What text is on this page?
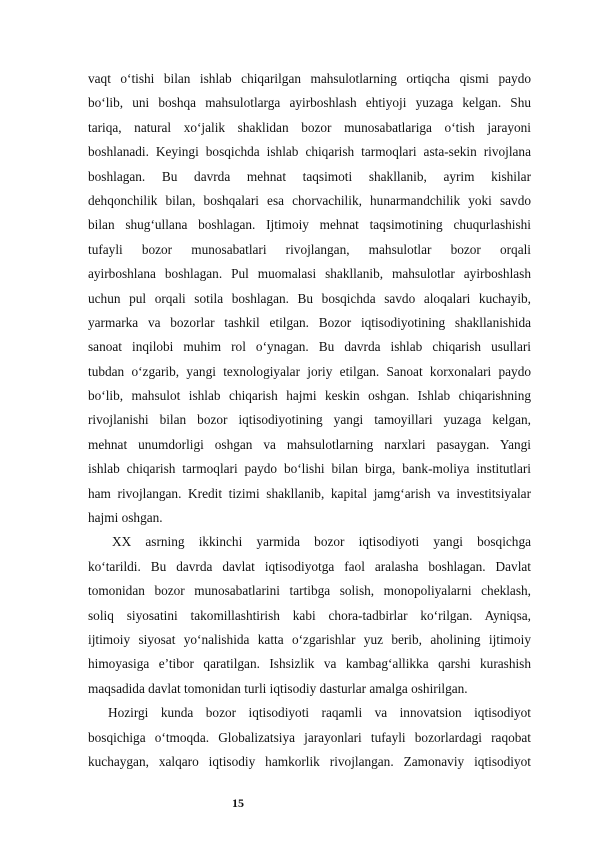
vaqt o‘tishi bilan ishlab chiqarilgan mahsulotlarning ortiqcha qismi paydo
bo‘lib, uni boshqa mahsulotlarga ayirboshlash ehtiyoji yuzaga kelgan. Shu
tariqa, natural xo‘jalik shaklidan bozor munosabatlariga o‘tish jarayoni
boshlanadi. Keyingi bosqichda ishlab chiqarish tarmoqlari asta-sekin rivojlana
boshlagan. Bu davrda mehnat taqsimoti shakllanib, ayrim kishilar
dehqonchilik bilan, boshqalari esa chorvachilik, hunarmandchilik yoki savdo
bilan shug‘ullana boshlagan. Ijtimoiy mehnat taqsimotining chuqurlashishi
tufayli bozor munosabatlari rivojlangan, mahsulotlar bozor orqali
ayirboshlana boshlagan. Pul muomalasi shakllanib, mahsulotlar ayirboshlash
uchun pul orqali sotila boshlagan. Bu bosqichda savdo aloqalari kuchayib,
yarmarka va bozorlar tashkil etilgan. Bozor iqtisodiyotining shakllanishida
sanoat inqilobi muhim rol o‘ynagan. Bu davrda ishlab chiqarish usullari
tubdan o‘zgarib, yangi texnologiyalar joriy etilgan. Sanoat korxonalari paydo
bo‘lib, mahsulot ishlab chiqarish hajmi keskin oshgan. Ishlab chiqarishning
rivojlanishi bilan bozor iqtisodiyotining yangi tamoyillari yuzaga kelgan,
mehnat unumdorligi oshgan va mahsulotlarning narxlari pasaygan. Yangi
ishlab chiqarish tarmoqlari paydo bo‘lishi bilan birga, bank-moliya institutlari
ham rivojlangan. Kredit tizimi shakllanib, kapital jamg‘arish va investitsiyalar
hajmi oshgan.
XX asrning ikkinchi yarmida bozor iqtisodiyoti yangi bosqichga
ko‘tarildi. Bu davrda davlat iqtisodiyotga faol aralasha boshlagan. Davlat
tomonidan bozor munosabatlarini tartibga solish, monopoliyalarni cheklash,
soliq siyosatini takomillashtirish kabi chora-tadbirlar ko‘rilgan. Ayniqsa,
ijtimoiy siyosat yo‘nalishida katta o‘zgarishlar yuz berib, aholining ijtimoiy
himoyasiga e’tibor qaratilgan. Ishsizlik va kambag‘allikka qarshi kurashish
maqsadida davlat tomonidan turli iqtisodiy dasturlar amalga oshirilgan.
Hozirgi kunda bozor iqtisodiyoti raqamli va innovatsion iqtisodiyot
bosqichiga o‘tmoqda. Globalizatsiya jarayonlari tufayli bozorlardagi raqobat
kuchaygan, xalqaro iqtisodiy hamkorlik rivojlangan. Zamonaviy iqtisodiyot
15
